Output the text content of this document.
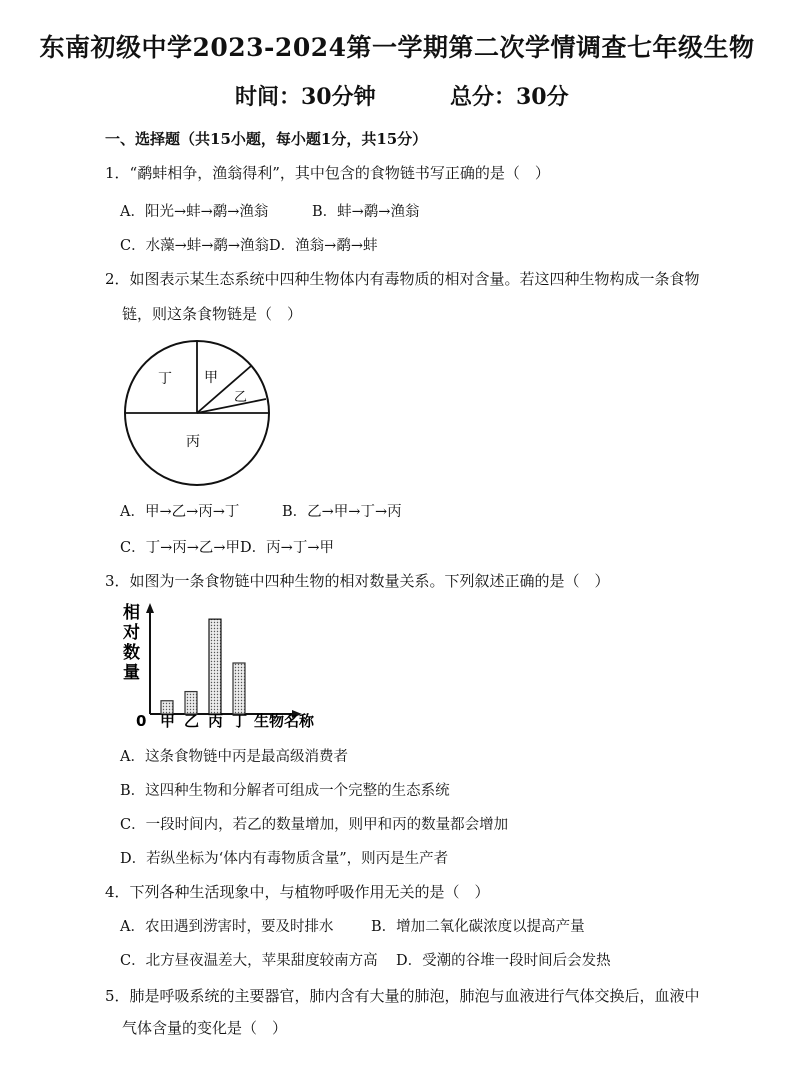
东南初级中学2023-2024第一学期第二次学情调查七年级生物
时间：30分钟	总分：30分
一、选择题（共15小题，每小题1分，共15分）
1．“鹬蚌相争，渔翁得利”，其中包含的食物链书写正确的是（　）
A．阳光→蚌→鹬→渔翁	B．蚌→鹬→渔翁
C．水藻→蚌→鹬→渔翁D．渔翁→鹬→蚌
2．如图表示某生态系统中四种生物体内有毒物质的相对含量。若这四种生物构成一条食物
链，则这条食物链是（　）
丁 甲
乙
丙
A．甲→乙→丙→丁	B．乙→甲→丁→丙
C．丁→丙→乙→甲D．丙→丁→甲
3．如图为一条食物链中四种生物的相对数量关系。下列叙述正确的是（　）
相
对
数
量
0 甲 乙 丙 丁 生物名称
A．这条食物链中丙是最高级消费者
B．这四种生物和分解者可组成一个完整的生态系统
C．一段时间内，若乙的数量增加，则甲和丙的数量都会增加
D．若纵坐标为‘体内有毒物质含量”，则丙是生产者
4．下列各种生活现象中，与植物呼吸作用无关的是（　）
A．农田遇到涝害时，要及时排水	B．增加二氧化碳浓度以提高产量
C．北方昼夜温差大，苹果甜度较南方高 D．受潮的谷堆一段时间后会发热
5．肺是呼吸系统的主要器官，肺内含有大量的肺泡，肺泡与血液进行气体交换后，血液中
气体含量的变化是（　）
